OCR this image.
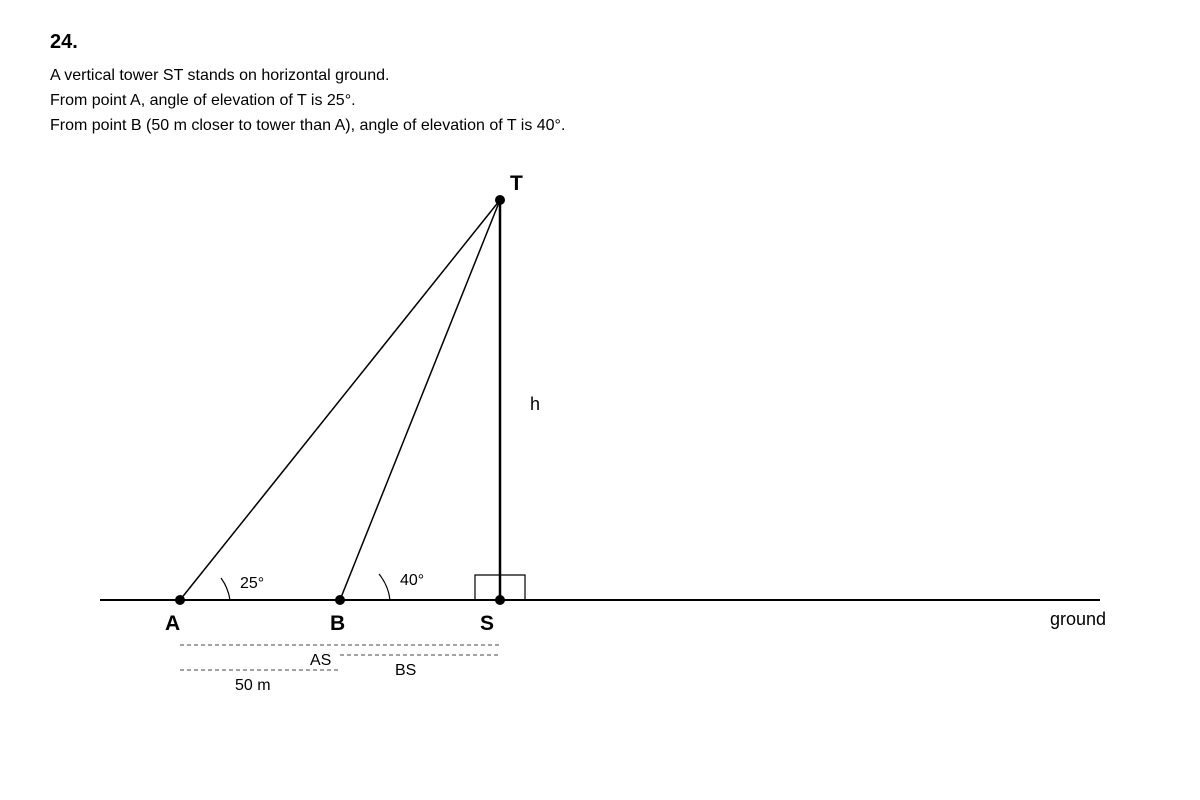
24.
A vertical tower ST stands on horizontal ground.
From point A, angle of elevation of T is 25°.
From point B (50 m closer to tower than A), angle of elevation of T is 40°.
T
A	B	S
25°	40°
h
ground
AS
BS
50 m
